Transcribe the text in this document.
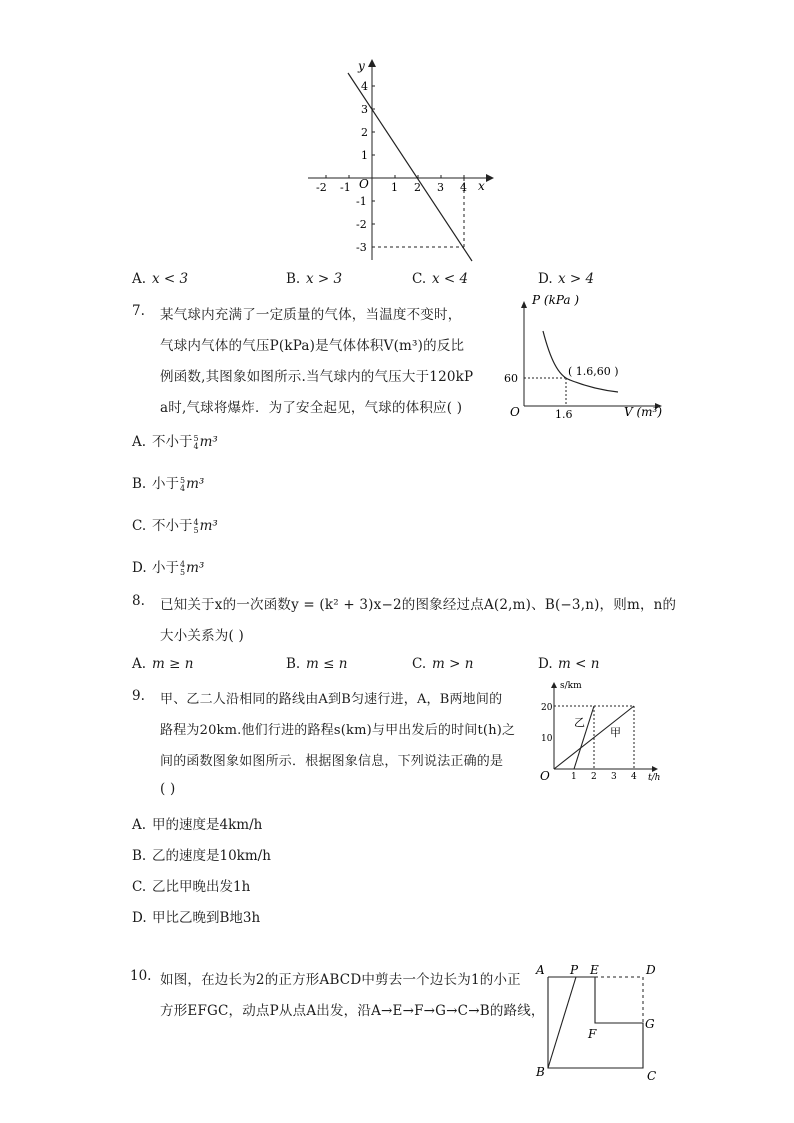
y
x
O
-2 -1	1 2 3 4
4
3
2
1
-1
-2
-3
A. x < 3	B. x > 3	C. x < 4	D. x > 4
7. 某气球内充满了一定质量的气体，当温度不变时，
气球内气体的气压P(kPa)是气体体积V(m³)的反比
例函数,其图象如图所示.当气球内的气压大于120kP
a时,气球将爆炸．为了安全起见，气球的体积应( )
P (kPa )
V (m³)
O
60
1.6
( 1.6,60 )
A. 不小于 5
4 m³
B. 小于 5
4 m³
C. 不小于 4
5 m³
D. 小于 4
5 m³
8. 已知关于x的一次函数y = (k² + 3)x−2的图象经过点A(2,m)、B(−3,n)，则m，n的
大小关系为( )
A. m ≥ n	B. m ≤ n	C. m > n	D. m < n
9. 甲、乙二人沿相同的路线由A到B匀速行进，A，B两地间的
路程为20km.他们行进的路程s(km)与甲出发后的时间t(h)之
间的函数图象如图所示．根据图象信息，下列说法正确的是
( )
s/km
t/h
O
20
10
1 2 3 4
乙
甲
A. 甲的速度是4km/h
B. 乙的速度是10km/h
C. 乙比甲晚出发1h
D. 甲比乙晚到B地3h
10. 如图，在边长为2的正方形ABCD中剪去一个边长为1的小正
方形EFGC，动点P从点A出发，沿A→E→F→G→C→B的路线，
A P E	D
F
G
B	C
